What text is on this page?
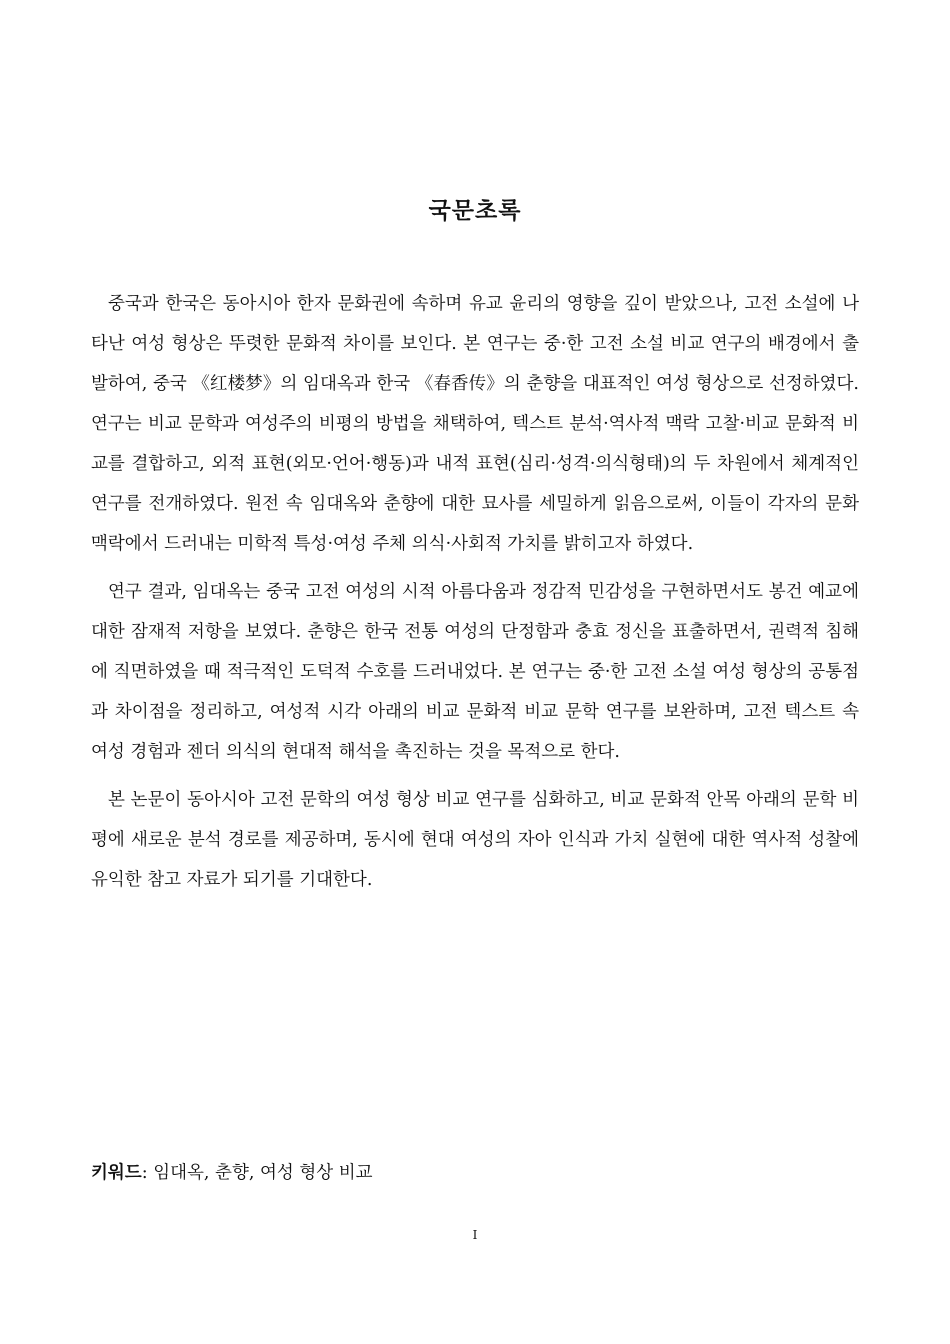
국문초록

중국과 한국은 동아시아 한자 문화권에 속하며 유교 윤리의 영향을 깊이 받았으나, 고전 소설에 나타난 여성 형상은 뚜렷한 문화적 차이를 보인다. 본 연구는 중·한 고전 소설 비교 연구의 배경에서 출발하여, 중국 《红楼梦》의 임대옥과 한국 《春香传》의 춘향을 대표적인 여성 형상으로 선정하였다. 연구는 비교 문학과 여성주의 비평의 방법을 채택하여, 텍스트 분석·역사적 맥락 고찰·비교 문화적 비교를 결합하고, 외적 표현(외모·언어·행동)과 내적 표현(심리·성격·의식형태)의 두 차원에서 체계적인 연구를 전개하였다. 원전 속 임대옥와 춘향에 대한 묘사를 세밀하게 읽음으로써, 이들이 각자의 문화 맥락에서 드러내는 미학적 특성·여성 주체 의식·사회적 가치를 밝히고자 하였다.

연구 결과, 임대옥는 중국 고전 여성의 시적 아름다움과 정감적 민감성을 구현하면서도 봉건 예교에 대한 잠재적 저항을 보였다. 춘향은 한국 전통 여성의 단정함과 충효 정신을 표출하면서, 권력적 침해에 직면하였을 때 적극적인 도덕적 수호를 드러내었다. 본 연구는 중·한 고전 소설 여성 형상의 공통점과 차이점을 정리하고, 여성적 시각 아래의 비교 문화적 비교 문학 연구를 보완하며, 고전 텍스트 속 여성 경험과 젠더 의식의 현대적 해석을 촉진하는 것을 목적으로 한다.

본 논문이 동아시아 고전 문학의 여성 형상 비교 연구를 심화하고, 비교 문화적 안목 아래의 문학 비평에 새로운 분석 경로를 제공하며, 동시에 현대 여성의 자아 인식과 가치 실현에 대한 역사적 성찰에 유익한 참고 자료가 되기를 기대한다.

키워드: 임대옥, 춘향, 여성 형상 비교
I
